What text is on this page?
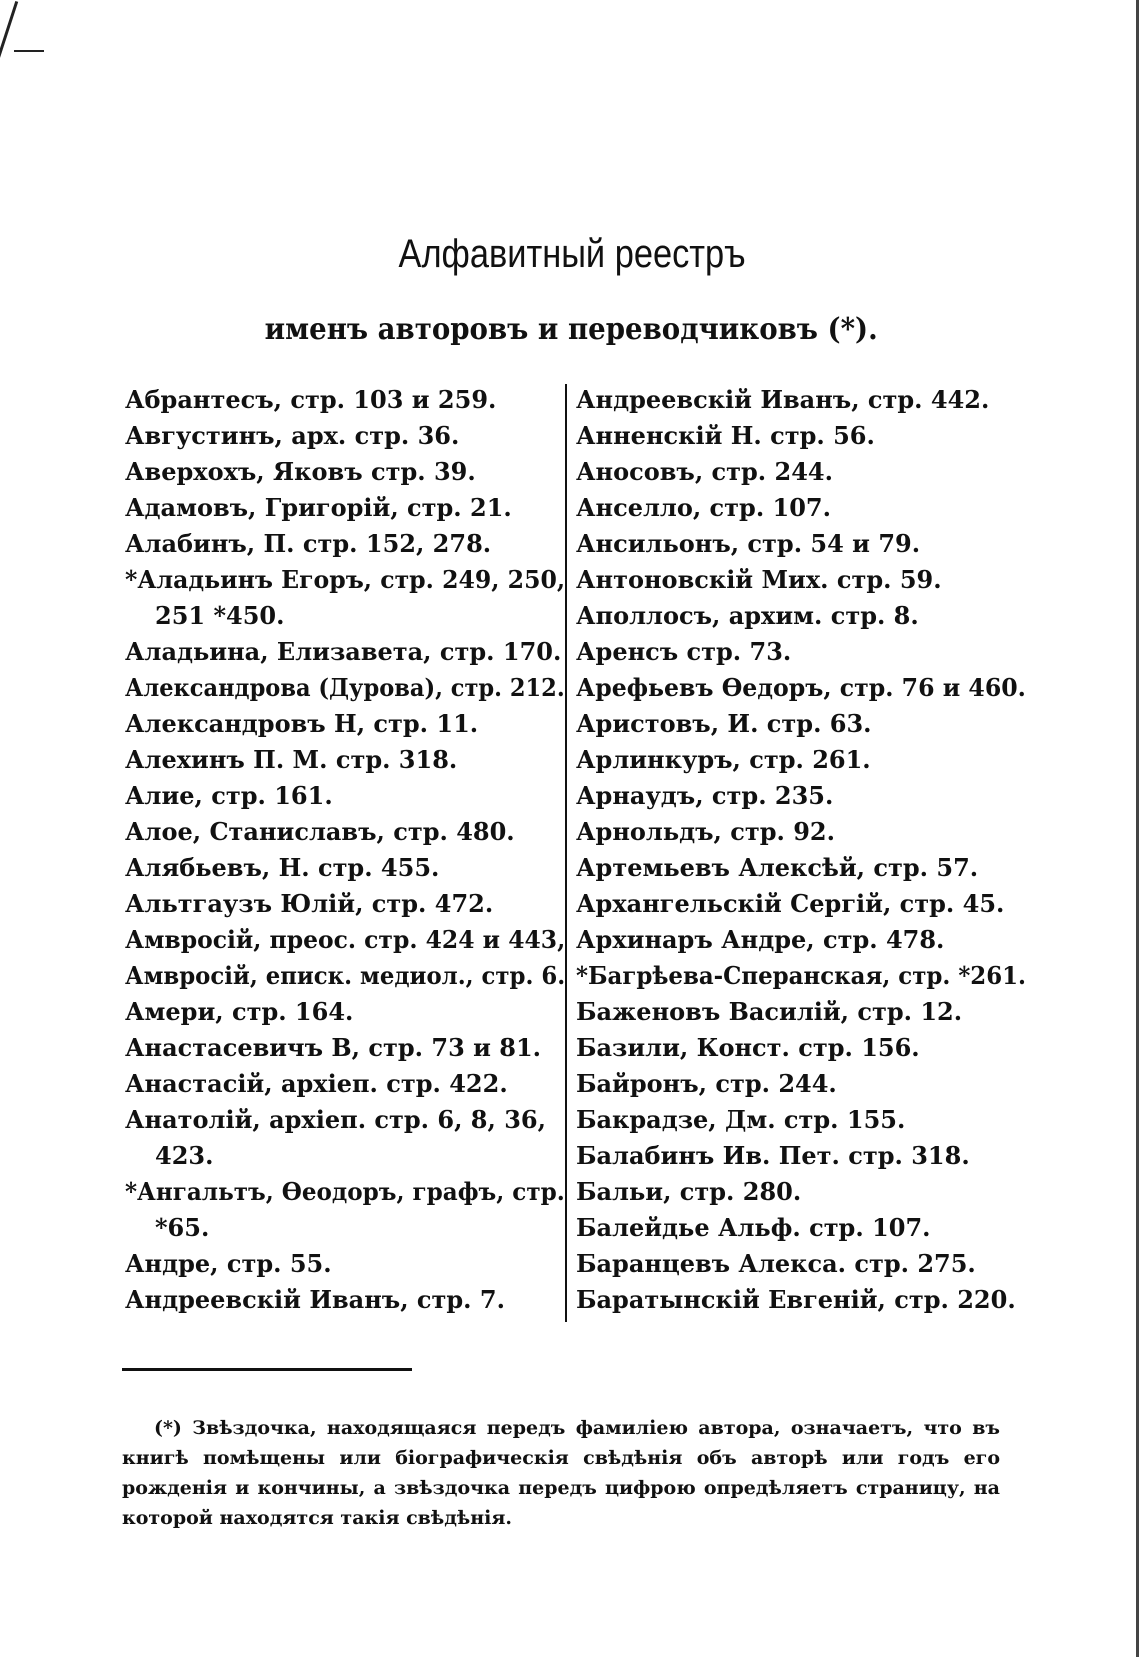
Алфавитный реестръ
именъ авторовъ и переводчиковъ (*).
Абрантесъ, стр. 103 и 259.
Августинъ, арх. стр. 36.
Аверхохъ, Яковъ стр. 39.
Адамовъ, Григорій, стр. 21.
Алабинъ, П. стр. 152, 278.
*Аладьинъ Егоръ, стр. 249, 250,
251 *450.
Аладьина, Елизавета, стр. 170.
Александрова (Дурова), стр. 212.
Александровъ Н, стр. 11.
Алехинъ П. М. стр. 318.
Алие, стр. 161.
Алое, Станиславъ, стр. 480.
Алябьевъ, Н. стр. 455.
Альтгаузъ Юлій, стр. 472.
Амвросій, преос. стр. 424 и 443,
Амвросій, еписк. медиол., стр. 6.
Амери, стр. 164.
Анастасевичъ В, стр. 73 и 81.
Анастасій, архіеп. стр. 422.
Анатолій, архіеп. стр. 6, 8, 36,
423.
*Ангальтъ, Өеодоръ, графъ, стр.
*65.
Андре, стр. 55.
Андреевскій Иванъ, стр. 7.
Андреевскій Иванъ, стр. 442.
Анненскій Н. стр. 56.
Аносовъ, стр. 244.
Анселло, стр. 107.
Ансильонъ, стр. 54 и 79.
Антоновскій Мих. стр. 59.
Аполлосъ, архим. стр. 8.
Аренсъ стр. 73.
Арефьевъ Өедоръ, стр. 76 и 460.
Аристовъ, И. стр. 63.
Арлинкуръ, стр. 261.
Арнаудъ, стр. 235.
Арнольдъ, стр. 92.
Артемьевъ Алексѣй, стр. 57.
Архангельскій Сергій, стр. 45.
Архинаръ Андре, стр. 478.
*Багрѣева-Сперанская, стр. *261.
Баженовъ Василій, стр. 12.
Базили, Конст. стр. 156.
Байронъ, стр. 244.
Бакрадзе, Дм. стр. 155.
Балабинъ Ив. Пет. стр. 318.
Бальи, стр. 280.
Балейдье Альф. стр. 107.
Баранцевъ Алекса. стр. 275.
Баратынскій Евгеній, стр. 220.
(*) Звѣздочка, находящаяся передъ фамиліею автора, означаетъ, что въ книгѣ помѣщены или біографическія свѣдѣнія объ авторѣ или годъ его рожденія и кончины, а звѣздочка передъ цифрою опредѣляетъ страницу, на которой находятся такія свѣдѣнія.
